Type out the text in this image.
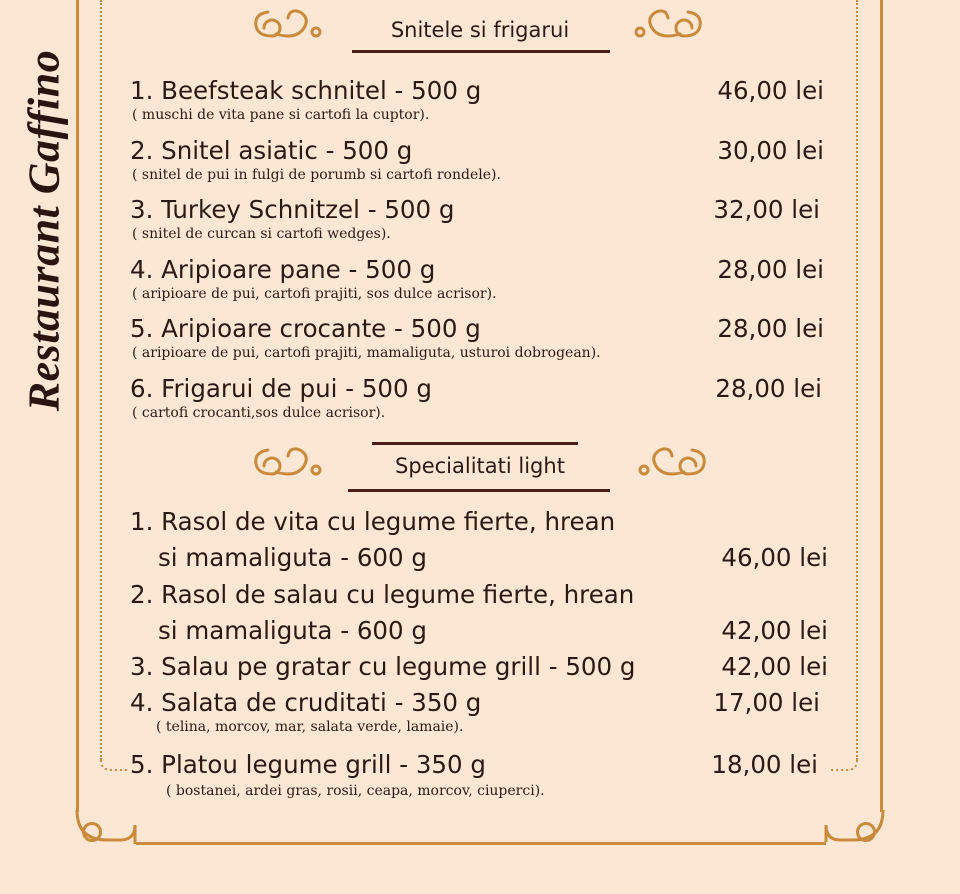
Restaurant Gaffino
Snitele si frigarui
1. Beefsteak schnitel - 500 g
( muschi de vita pane si cartofi la cuptor).
46,00 lei
2. Snitel asiatic - 500 g
( snitel de pui in fulgi de porumb si cartofi rondele).
30,00 lei
3. Turkey Schnitzel - 500 g
( snitel de curcan si cartofi wedges).
32,00 lei
4. Aripioare pane - 500 g
( aripioare de pui, cartofi prajiti, sos dulce acrisor).
28,00 lei
5. Aripioare crocante - 500 g
( aripioare de pui, cartofi prajiti, mamaliguta, usturoi dobrogean).
28,00 lei
6. Frigarui de pui - 500 g
( cartofi crocanti,sos dulce acrisor).
28,00 lei
Specialitati light
1. Rasol de vita cu legume fierte, hrean
si mamaliguta - 600 g	46,00 lei
2. Rasol de salau cu legume fierte, hrean
si mamaliguta - 600 g	42,00 lei
3. Salau pe gratar cu legume grill - 500 g	42,00 lei
4. Salata de cruditati - 350 g
( telina, morcov, mar, salata verde, lamaie).
17,00 lei
5. Platou legume grill - 350 g
( bostanei, ardei gras, rosii, ceapa, morcov, ciuperci).
18,00 lei
